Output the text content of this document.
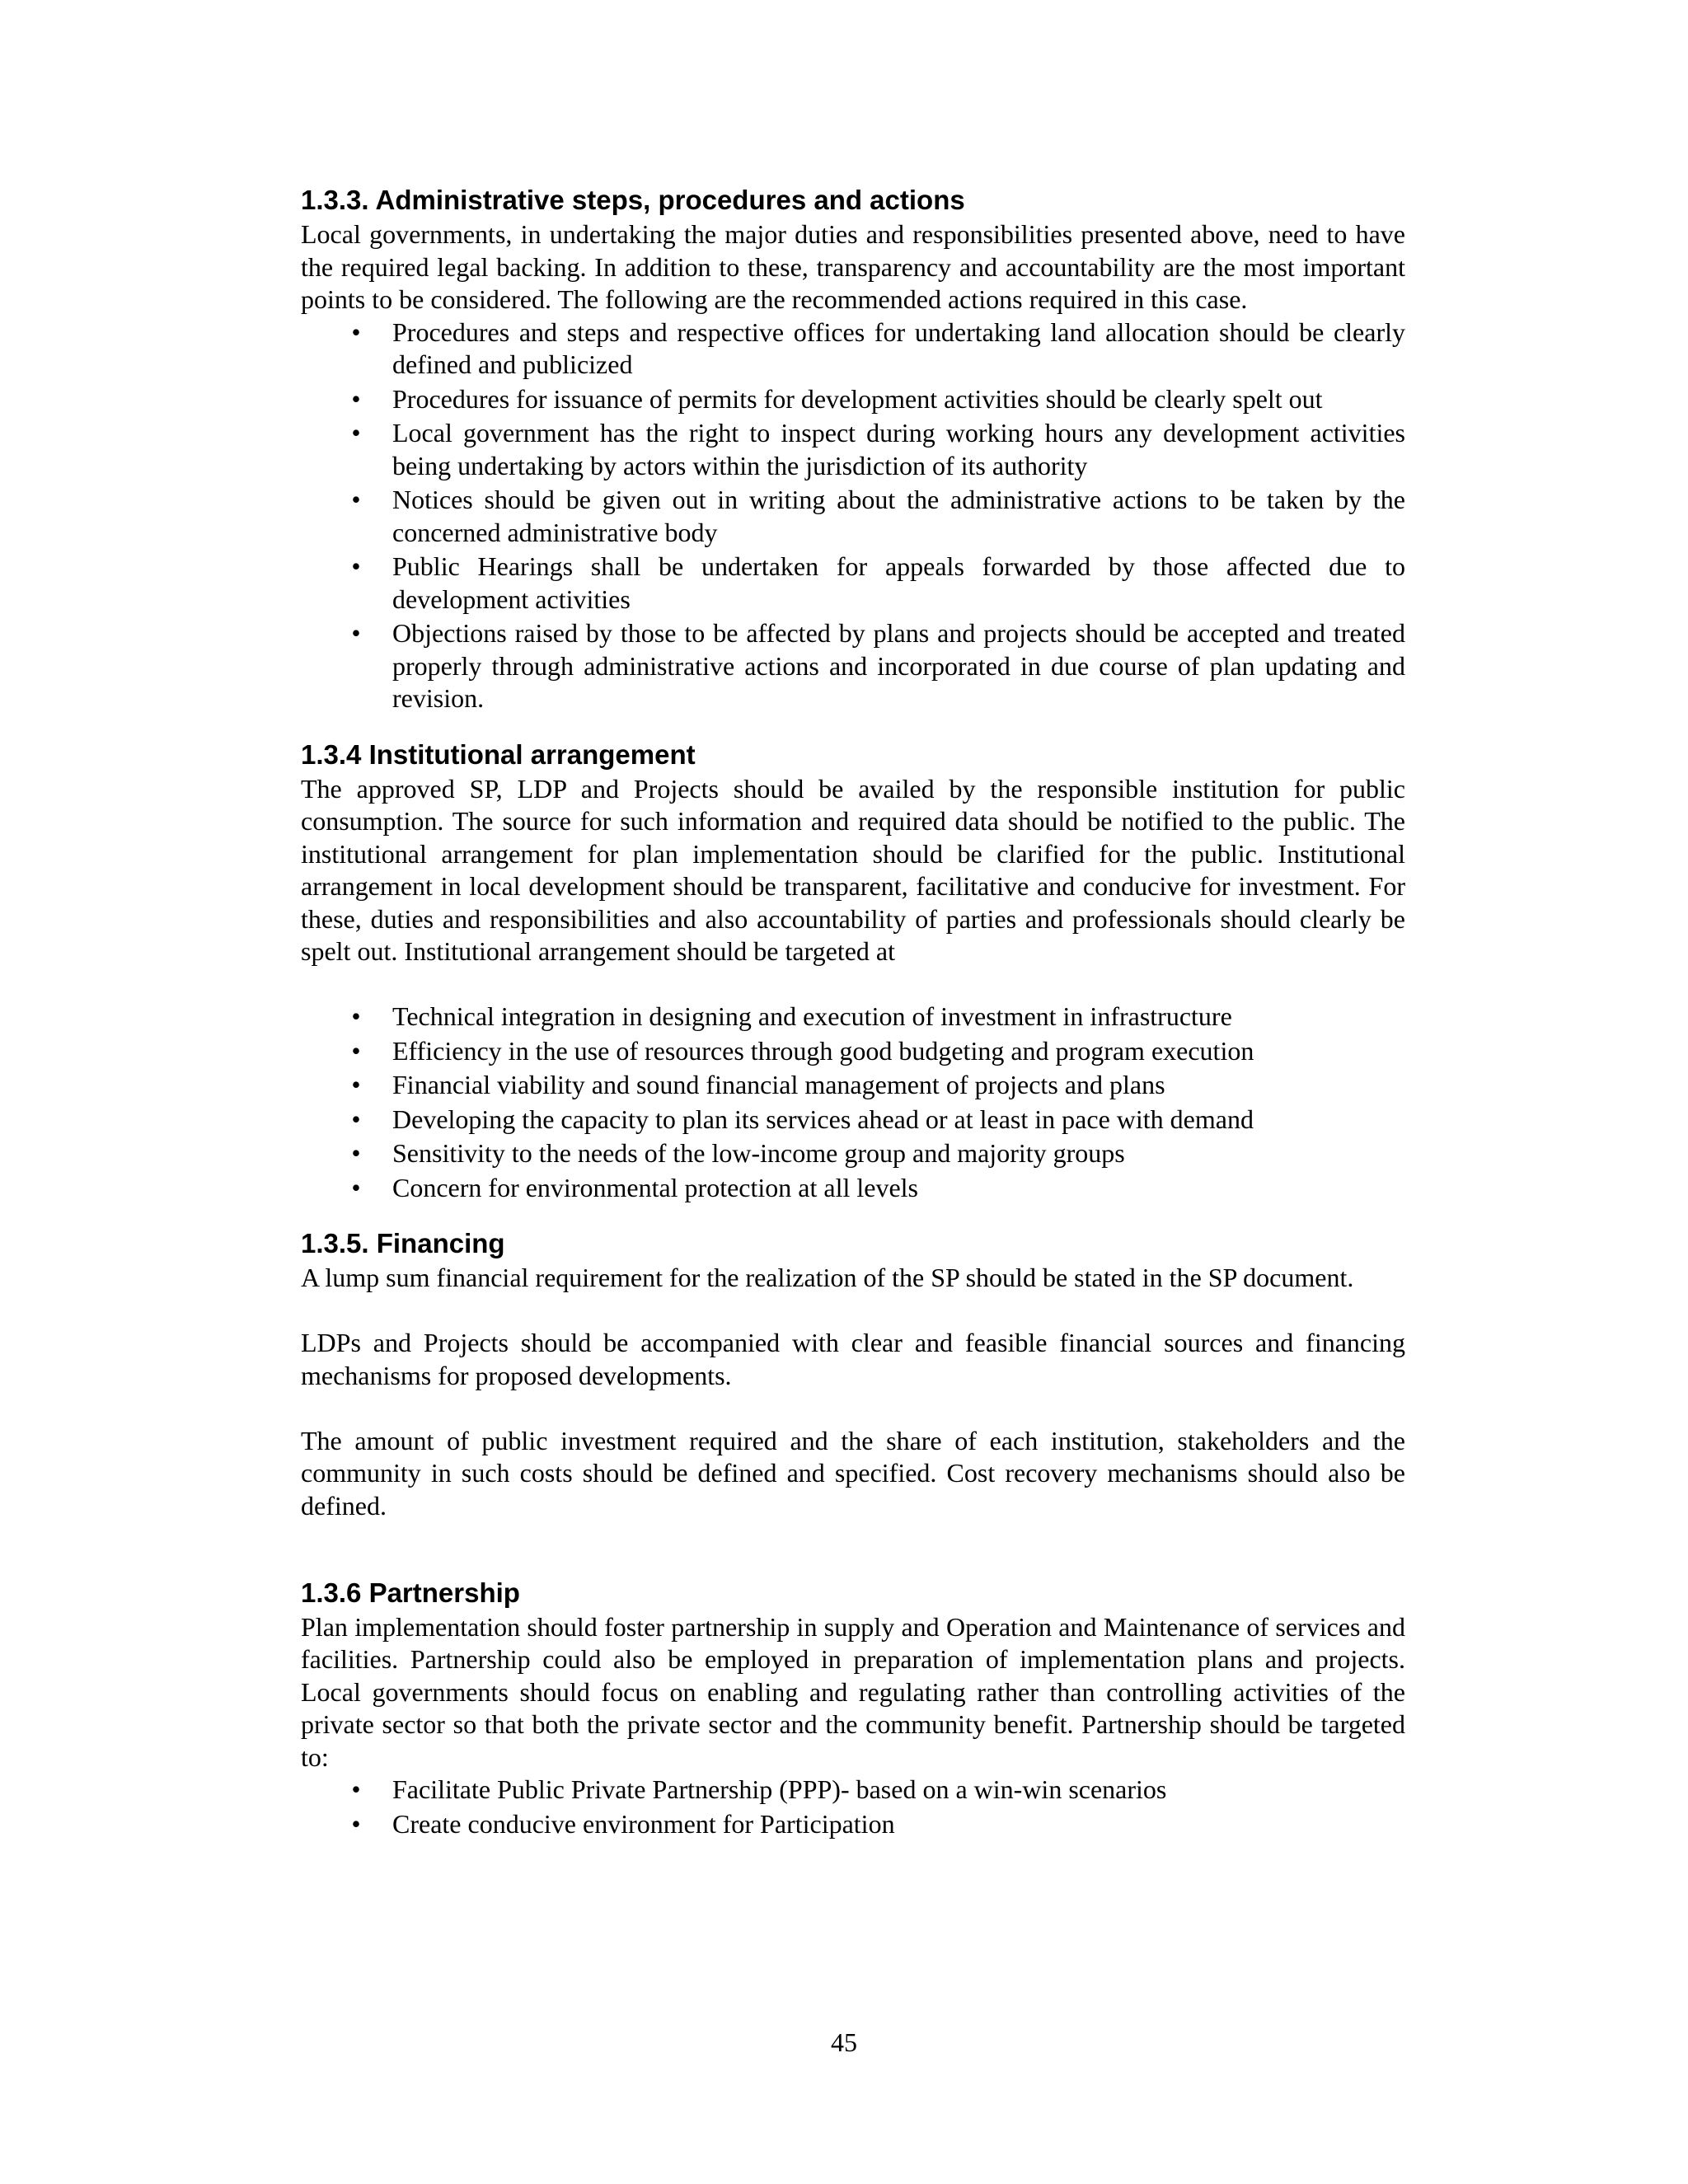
1.3.3. Administrative steps, procedures and actions

Local governments, in undertaking the major duties and responsibilities presented above, need to have the required legal backing. In addition to these, transparency and accountability are the most important points to be considered. The following are the recommended actions required in this case.

• Procedures and steps and respective offices for undertaking land allocation should be clearly defined and publicized
• Procedures for issuance of permits for development activities should be clearly spelt out
• Local government has the right to inspect during working hours any development activities being undertaking by actors within the jurisdiction of its authority
• Notices should be given out in writing about the administrative actions to be taken by the concerned administrative body
• Public Hearings shall be undertaken for appeals forwarded by those affected due to development activities
• Objections raised by those to be affected by plans and projects should be accepted and treated properly through administrative actions and incorporated in due course of plan updating and revision.
1.3.4 Institutional arrangement

The approved SP, LDP and Projects should be availed by the responsible institution for public consumption. The source for such information and required data should be notified to the public. The institutional arrangement for plan implementation should be clarified for the public. Institutional arrangement in local development should be transparent, facilitative and conducive for investment. For these, duties and responsibilities and also accountability of parties and professionals should clearly be spelt out. Institutional arrangement should be targeted at

• Technical integration in designing and execution of investment in infrastructure
• Efficiency in the use of resources through good budgeting and program execution
• Financial viability and sound financial management of projects and plans
• Developing the capacity to plan its services ahead or at least in pace with demand
• Sensitivity to the needs of the low-income group and majority groups
• Concern for environmental protection at all levels
1.3.5. Financing

A lump sum financial requirement for the realization of the SP should be stated in the SP document.

LDPs and Projects should be accompanied with clear and feasible financial sources and financing mechanisms for proposed developments.

The amount of public investment required and the share of each institution, stakeholders and the community in such costs should be defined and specified. Cost recovery mechanisms should also be defined.

1.3.6 Partnership

Plan implementation should foster partnership in supply and Operation and Maintenance of services and facilities. Partnership could also be employed in preparation of implementation plans and projects. Local governments should focus on enabling and regulating rather than controlling activities of the private sector so that both the private sector and the community benefit. Partnership should be targeted to:

• Facilitate Public Private Partnership (PPP)- based on a win-win scenarios
• Create conducive environment for Participation
45
